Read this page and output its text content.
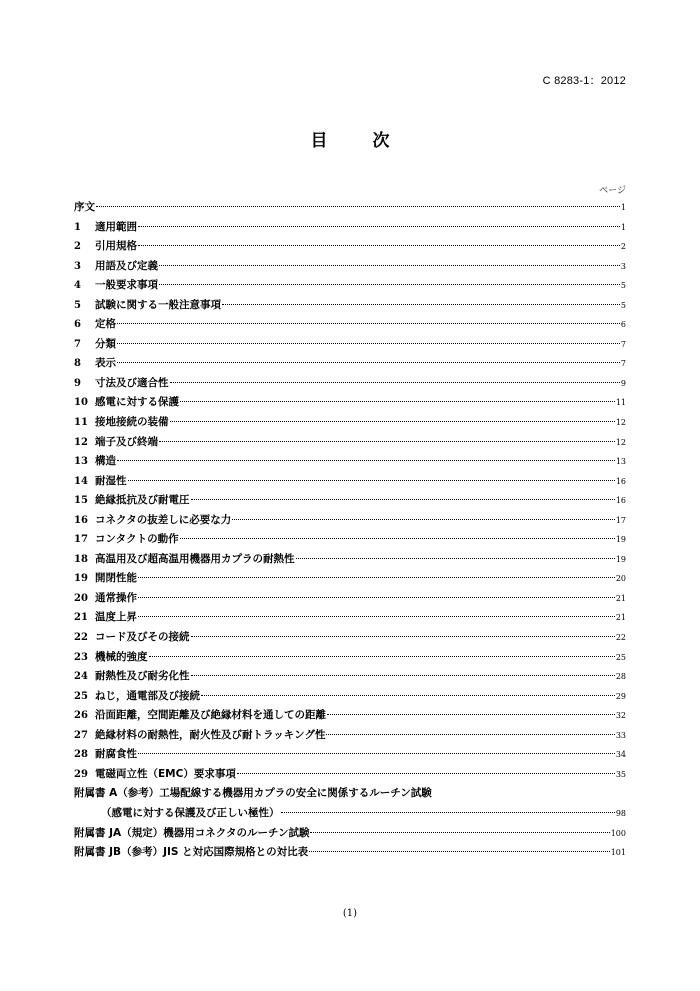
C 8283-1：2012
目　次
ページ
序文	1
1	適用範囲	1
2	引用規格	2
3	用語及び定義	3
4	一般要求事項	5
5	試験に関する一般注意事項	5
6	定格	6
7	分類	7
8	表示	7
9	寸法及び適合性	9
10 感電に対する保護	11
11 接地接続の装備	12
12 端子及び終端	12
13 構造	13
14 耐湿性	16
15 絶縁抵抗及び耐電圧	16
16 コネクタの抜差しに必要な力	17
17 コンタクトの動作	19
18 高温用及び超高温用機器用カプラの耐熱性	19
19 開閉性能	20
20 通常操作	21
21 温度上昇	21
22 コード及びその接続	22
23 機械的強度	25
24 耐熱性及び耐劣化性	28
25 ねじ，通電部及び接続	29
26 沿面距離，空間距離及び絶縁材料を通しての距離	32
27 絶縁材料の耐熱性，耐火性及び耐トラッキング性	33
28 耐腐食性	34
29 電磁両立性（EMC）要求事項	35
附属書 A（参考）工場配線する機器用カプラの安全に関係するルーチン試験
（感電に対する保護及び正しい極性）	98
附属書 JA（規定）機器用コネクタのルーチン試験	100
附属書 JB（参考）JIS と対応国際規格との対比表	101
(1)
